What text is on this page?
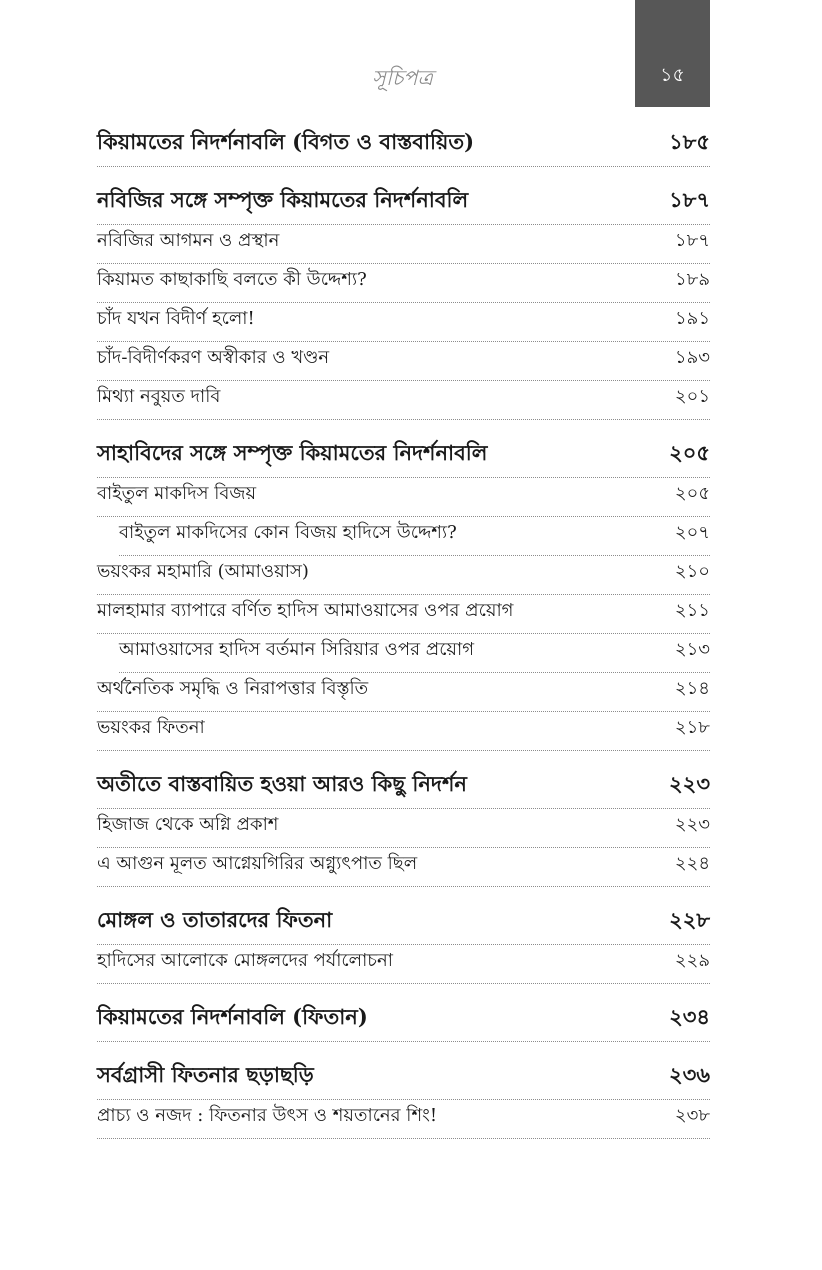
সূচিপত্র	১৫
কিয়ামতের নিদর্শনাবলি (বিগত ও বাস্তবায়িত)	১৮৫
নবিজির সঙ্গে সম্পৃক্ত কিয়ামতের নিদর্শনাবলি	১৮৭
নবিজির আগমন ও প্রস্থান	১৮৭
কিয়ামত কাছাকাছি বলতে কী উদ্দেশ্য?	১৮৯
চাঁদ যখন বিদীর্ণ হলো!	১৯১
চাঁদ-বিদীর্ণকরণ অস্বীকার ও খণ্ডন	১৯৩
মিথ্যা নবুয়ত দাবি	২০১
সাহাবিদের সঙ্গে সম্পৃক্ত কিয়ামতের নিদর্শনাবলি	২০৫
বাইতুল মাকদিস বিজয়	২০৫
বাইতুল মাকদিসের কোন বিজয় হাদিসে উদ্দেশ্য?	২০৭
ভয়ংকর মহামারি (আমাওয়াস)	২১০
মালহামার ব্যাপারে বর্ণিত হাদিস আমাওয়াসের ওপর প্রয়োগ	২১১
আমাওয়াসের হাদিস বর্তমান সিরিয়ার ওপর প্রয়োগ	২১৩
অর্থনৈতিক সমৃদ্ধি ও নিরাপত্তার বিস্তৃতি	২১৪
ভয়ংকর ফিতনা	২১৮
অতীতে বাস্তবায়িত হওয়া আরও কিছু নিদর্শন	২২৩
হিজাজ থেকে অগ্নি প্রকাশ	২২৩
এ আগুন মূলত আগ্নেয়গিরির অগ্ন্যুৎপাত ছিল	২২৪
মোঙ্গল ও তাতারদের ফিতনা	২২৮
হাদিসের আলোকে মোঙ্গলদের পর্যালোচনা	২২৯
কিয়ামতের নিদর্শনাবলি (ফিতান)	২৩৪
সর্বগ্রাসী ফিতনার ছড়াছড়ি	২৩৬
প্রাচ্য ও নজদ : ফিতনার উৎস ও শয়তানের শিং!	২৩৮
